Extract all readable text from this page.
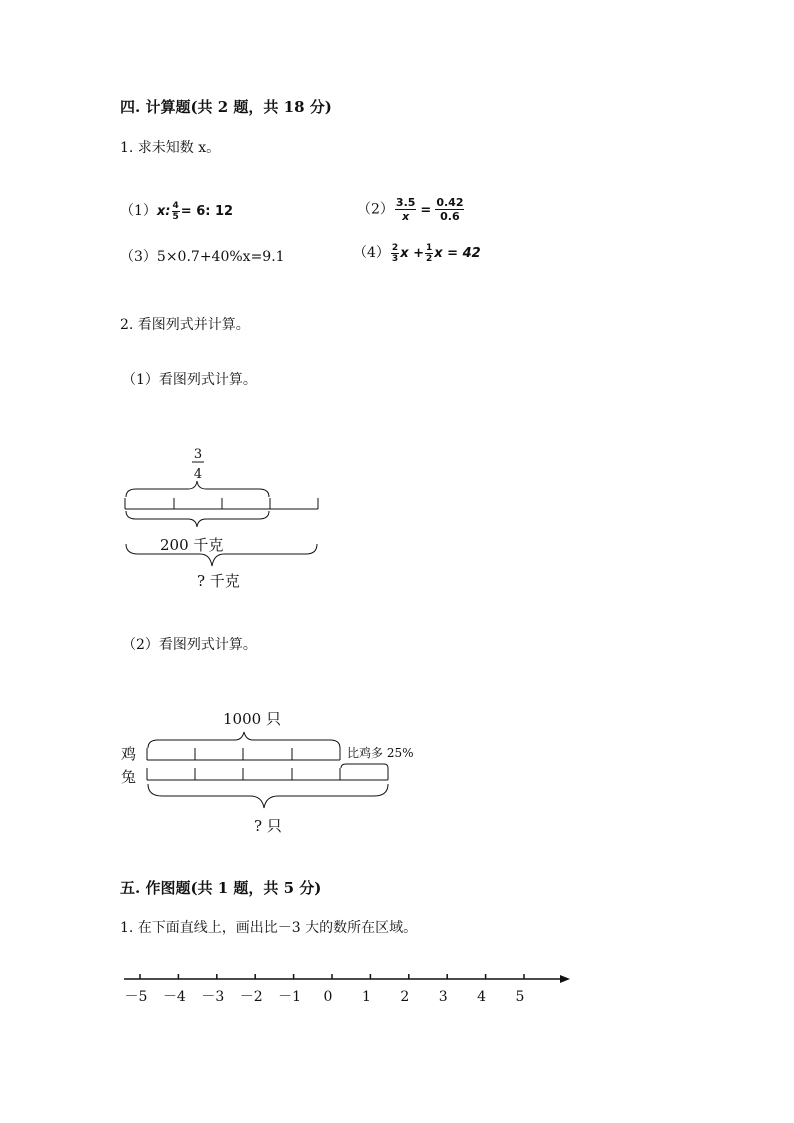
四. 计算题(共 2 题，共 18 分)
1. 求未知数 x。
（1）x: $\frac{4}{5} = 6$: 12	$(2) \frac{3.5}{x} = \frac{0.42}{0.6}$
（3）5×0.7+40%x=9.1	$(4) \frac{2}{3}$ $x + \frac{1}{2}$ x = 42
2. 看图列式并计算。
（1）看图列式计算。
3
4
200 千克
? 千克
（2）看图列式计算。
1000 只
鸡	比鸡多 25%
兔
? 只
五. 作图题(共 1 题，共 5 分)
1. 在下面直线上，画出比－3 大的数所在区域。
－5 －4 －3 －2 －1 0 1 2 3 4 5
